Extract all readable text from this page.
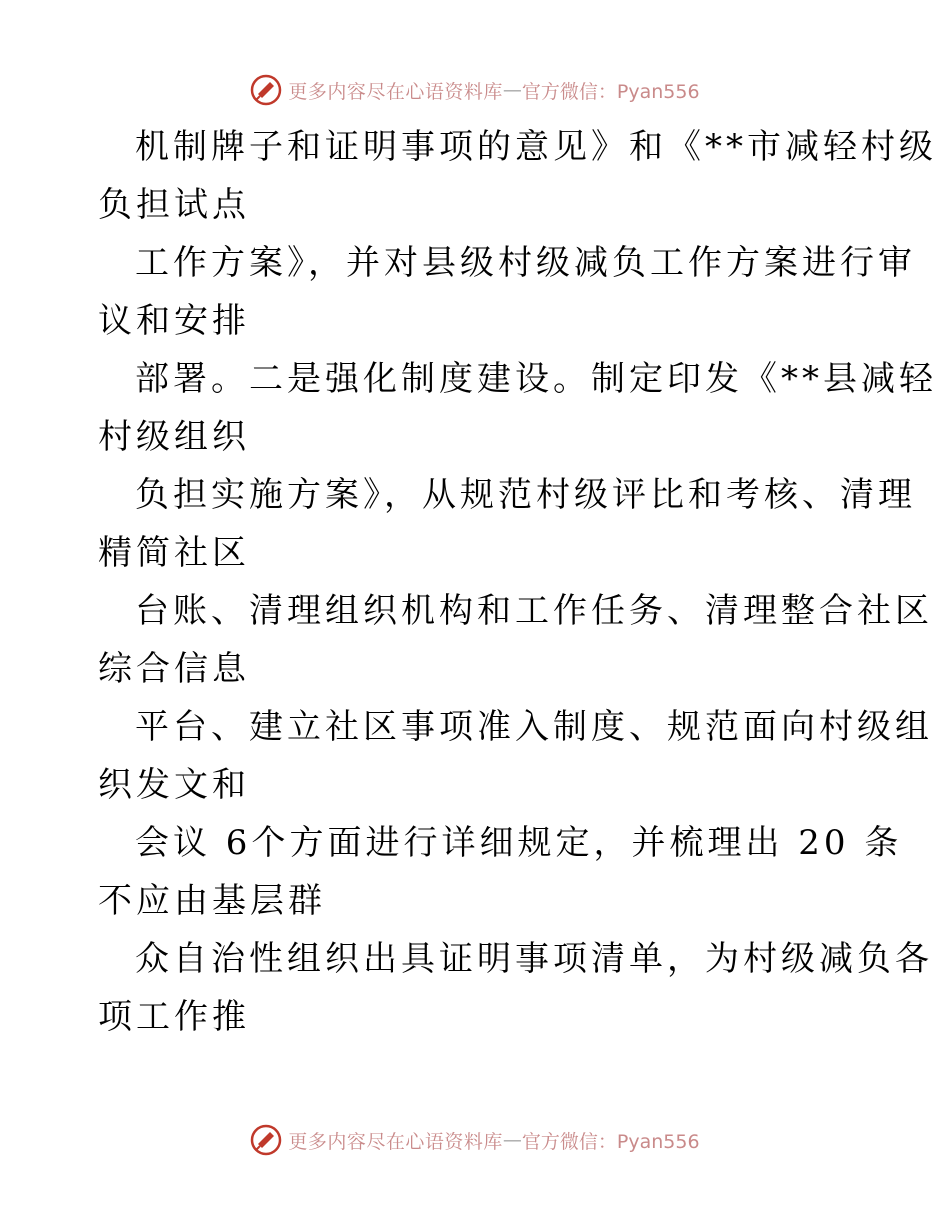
更多内容尽在心语资料库 — 官方微信：Pyan556
机制牌子和证明事项的意见》和《**市减轻村级
负担试点
工作方案》，并对县级村级减负工作方案进行审
议和安排
部署。二是强化制度建设。制定印发《**县减轻
村级组织
负担实施方案》，从规范村级评比和考核、清理
精简社区
台账、清理组织机构和工作任务、清理整合社区
综合信息
平台、建立社区事项准入制度、规范面向村级组
织发文和
会议 6个方面进行详细规定，并梳理出 20 条
不应由基层群
众自治性组织出具证明事项清单，为村级减负各
项工作推
更多内容尽在心语资料库 — 官方微信：Pyan556
